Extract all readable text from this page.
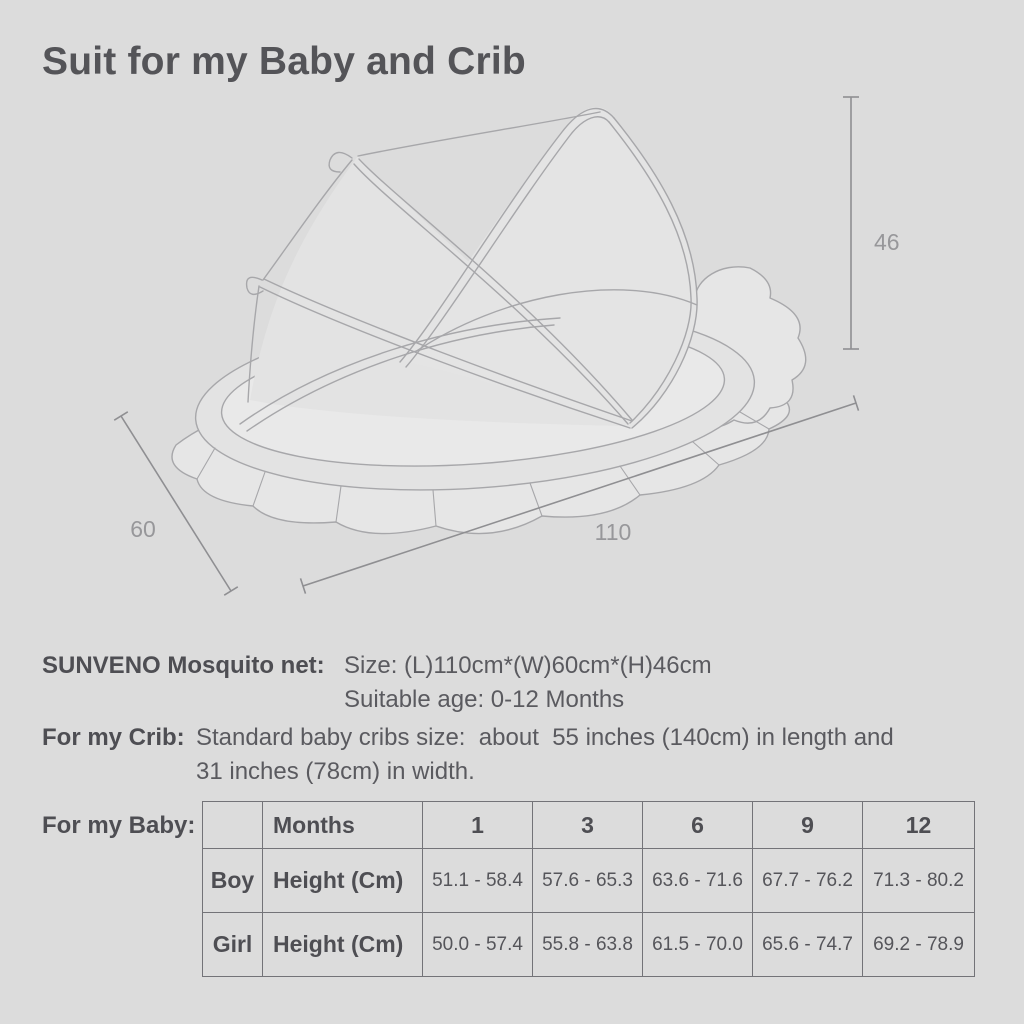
Suit for my Baby and Crib
46
60	110
SUNVENO Mosquito net: Size: (L)110cm*(W)60cm*(H)46cm
Suitable age: 0-12 Months
For my Crib: Standard baby cribs size:  about  55 inches (140cm) in length and
31 inches (78cm) in width.
For my Baby:
		Months	1	3	6	9	12
Boy	Height (Cm)	51.1 - 58.4	57.6 - 65.3	63.6 - 71.6	67.7 - 76.2	71.3 - 80.2
Girl	Height (Cm)	50.0 - 57.4	55.8 - 63.8	61.5 - 70.0	65.6 - 74.7	69.2 - 78.9
